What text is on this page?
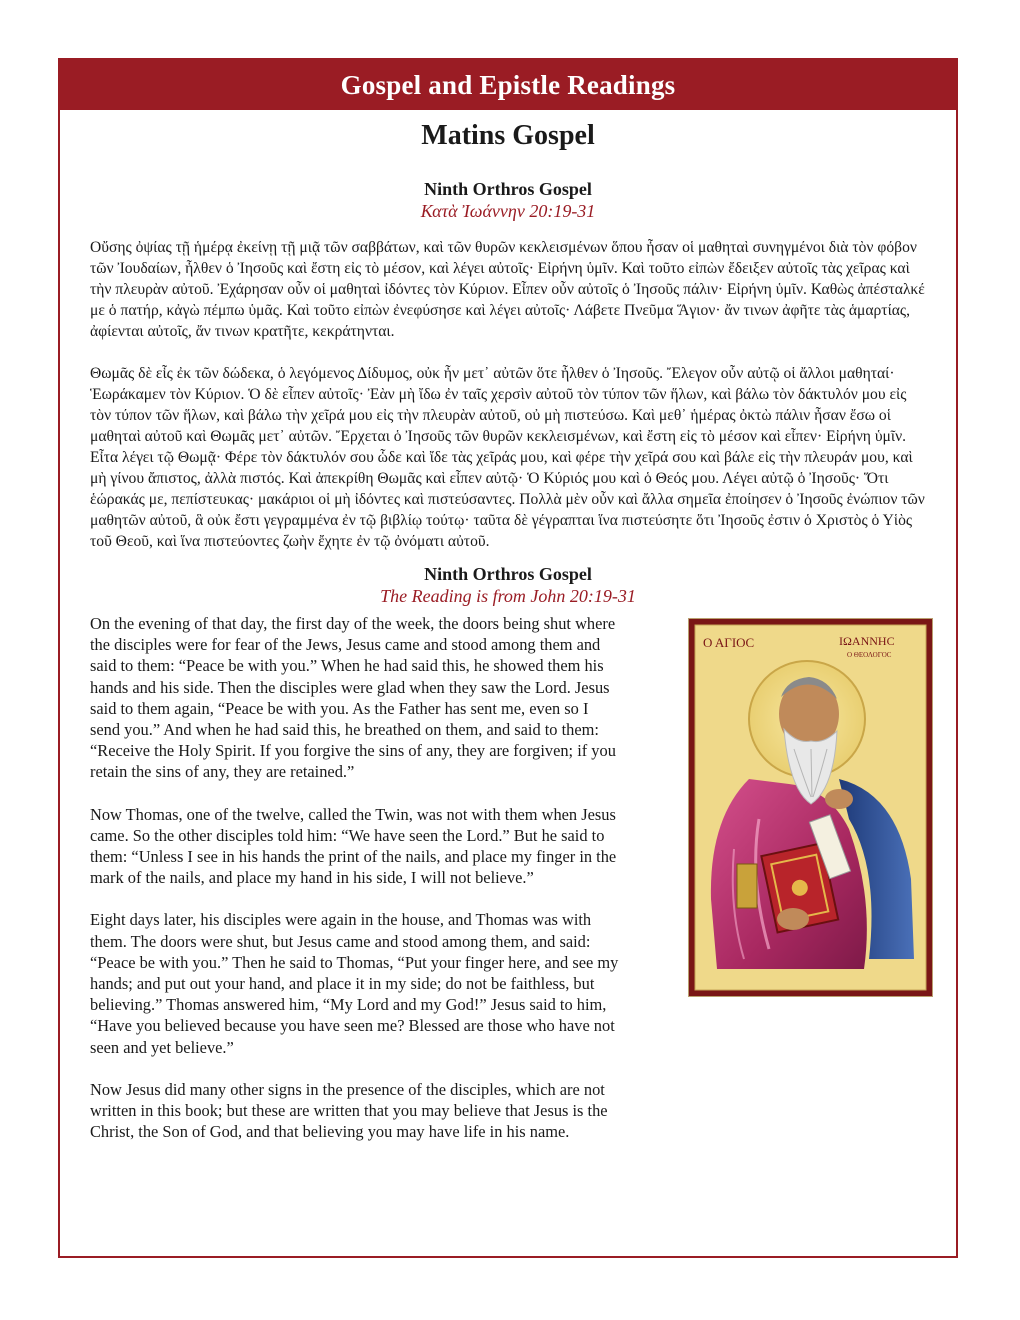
Gospel and Epistle Readings
Matins Gospel
Ninth Orthros Gospel
Κατὰ Ἰωάννην 20:19-31

Οὔσης ὀψίας τῇ ἡμέρᾳ ἐκείνῃ τῇ μιᾷ τῶν σαββάτων, καὶ τῶν θυρῶν κεκλεισμένων ὅπου ἦσαν οἱ μαθηταὶ συνηγμένοι διὰ τὸν φόβον τῶν Ἰουδαίων, ἦλθεν ὁ Ἰησοῦς καὶ ἔστη εἰς τὸ μέσον, καὶ λέγει αὐτοῖς· Εἰρήνη ὑμῖν. Καὶ τοῦτο εἰπὼν ἔδειξεν αὐτοῖς τὰς χεῖρας καὶ τὴν πλευρὰν αὐτοῦ. Ἐχάρησαν οὖν οἱ μαθηταὶ ἰδόντες τὸν Κύριον. Εἶπεν οὖν αὐτοῖς ὁ Ἰησοῦς πάλιν· Εἰρήνη ὑμῖν. Καθὼς ἀπέσταλκέ με ὁ πατήρ, κἀγὼ πέμπω ὑμᾶς. Καὶ τοῦτο εἰπὼν ἐνεφύσησε καὶ λέγει αὐτοῖς· Λάβετε Πνεῦμα Ἅγιον· ἄν τινων ἀφῆτε τὰς ἁμαρτίας, ἀφίενται αὐτοῖς, ἄν τινων κρατῆτε, κεκράτηνται.

Θωμᾶς δὲ εἷς ἐκ τῶν δώδεκα, ὁ λεγόμενος Δίδυμος, οὐκ ἦν μετ᾽ αὐτῶν ὅτε ἦλθεν ὁ Ἰησοῦς. Ἔλεγον οὖν αὐτῷ οἱ ἄλλοι μαθηταί· Ἑωράκαμεν τὸν Κύριον. Ὁ δὲ εἶπεν αὐτοῖς· Ἐὰν μὴ ἴδω ἐν ταῖς χερσὶν αὐτοῦ τὸν τύπον τῶν ἥλων, καὶ βάλω τὸν δάκτυλόν μου εἰς τὸν τύπον τῶν ἥλων, καὶ βάλω τὴν χεῖρά μου εἰς τὴν πλευρὰν αὐτοῦ, οὐ μὴ πιστεύσω. Καὶ μεθ᾽ ἡμέρας ὀκτὼ πάλιν ἦσαν ἔσω οἱ μαθηταὶ αὐτοῦ καὶ Θωμᾶς μετ᾽ αὐτῶν. Ἔρχεται ὁ Ἰησοῦς τῶν θυρῶν κεκλεισμένων, καὶ ἔστη εἰς τὸ μέσον καὶ εἶπεν· Εἰρήνη ὑμῖν. Εἶτα λέγει τῷ Θωμᾷ· Φέρε τὸν δάκτυλόν σου ὧδε καὶ ἴδε τὰς χεῖράς μου, καὶ φέρε τὴν χεῖρά σου καὶ βάλε εἰς τὴν πλευράν μου, καὶ μὴ γίνου ἄπιστος, ἀλλὰ πιστός. Καὶ ἀπεκρίθη Θωμᾶς καὶ εἶπεν αὐτῷ· Ὁ Κύριός μου καὶ ὁ Θεός μου. Λέγει αὐτῷ ὁ Ἰησοῦς· Ὅτι ἑώρακάς με, πεπίστευκας· μακάριοι οἱ μὴ ἰδόντες καὶ πιστεύσαντες. Πολλὰ μὲν οὖν καὶ ἄλλα σημεῖα ἐποίησεν ὁ Ἰησοῦς ἐνώπιον τῶν μαθητῶν αὐτοῦ, ἃ οὐκ ἔστι γεγραμμένα ἐν τῷ βιβλίῳ τούτῳ· ταῦτα δὲ γέγραπται ἵνα πιστεύσητε ὅτι Ἰησοῦς ἐστιν ὁ Χριστὸς ὁ Υἱὸς τοῦ Θεοῦ, καὶ ἵνα πιστεύοντες ζωὴν ἔχητε ἐν τῷ ὀνόματι αὐτοῦ.

Ninth Orthros Gospel
The Reading is from John 20:19-31

On the evening of that day, the first day of the week, the doors being shut where the disciples were for fear of the Jews, Jesus came and stood among them and said to them: “Peace be with you.” When he had said this, he showed them his hands and his side. Then the disciples were glad when they saw the Lord. Jesus said to them again, “Peace be with you. As the Father has sent me, even so I send you.” And when he had said this, he breathed on them, and said to them: “Receive the Holy Spirit. If you forgive the sins of any, they are forgiven; if you retain the sins of any, they are retained.”

Now Thomas, one of the twelve, called the Twin, was not with them when Jesus came. So the other disciples told him: “We have seen the Lord.” But he said to them: “Unless I see in his hands the print of the nails, and place my finger in the mark of the nails, and place my hand in his side, I will not believe.”

Eight days later, his disciples were again in the house, and Thomas was with them. The doors were shut, but Jesus came and stood among them, and said: “Peace be with you.” Then he said to Thomas, “Put your finger here, and see my hands; and put out your hand, and place it in my side; do not be faithless, but believing.” Thomas answered him, “My Lord and my God!” Jesus said to him, “Have you believed because you have seen me? Blessed are those who have not seen and yet believe.”

Now Jesus did many other signs in the presence of the disciples, which are not written in this book; but these are written that you may believe that Jesus is the Christ, the Son of God, and that believing you may have life in his name.

Ο ΑΓΙΟC	ΙΩΑΝΝΗC
Ο ΘΕΟΛΟΓΟC
